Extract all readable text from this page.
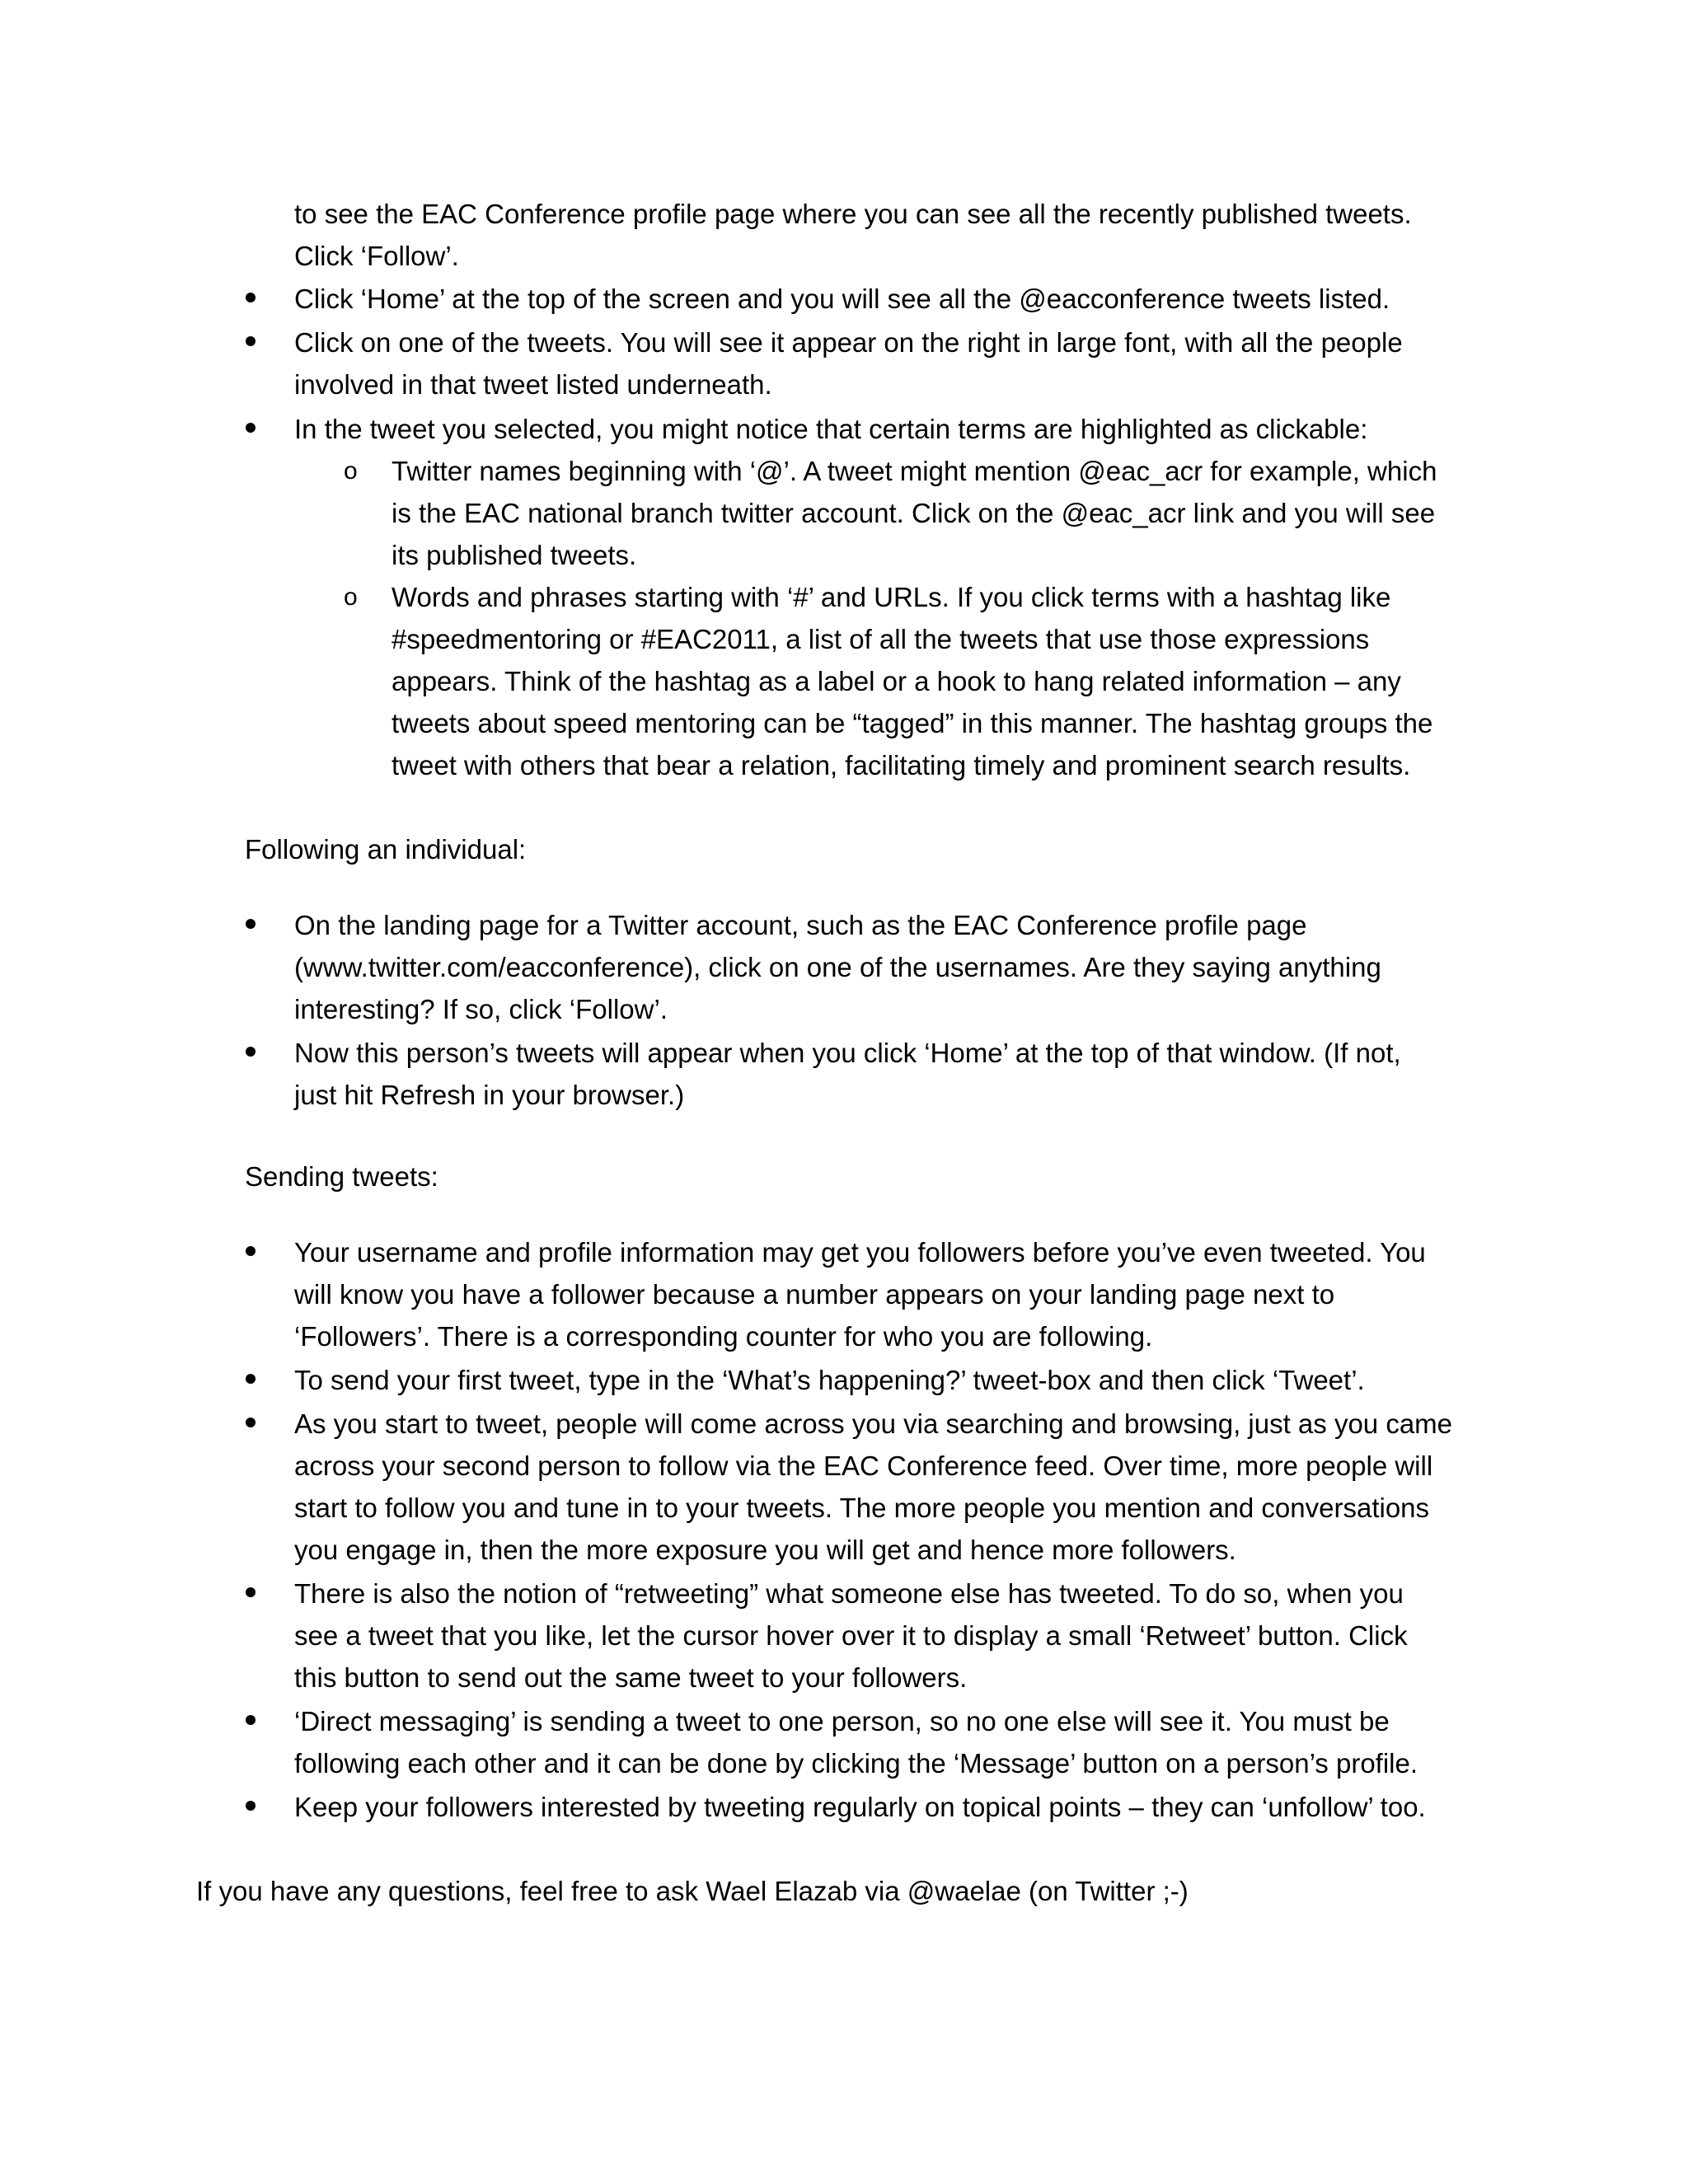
to see the EAC Conference profile page where you can see all the recently published tweets.
Click ‘Follow’.
Click ‘Home’ at the top of the screen and you will see all the @eacconference tweets listed.
Click on one of the tweets. You will see it appear on the right in large font, with all the people
involved in that tweet listed underneath.
In the tweet you selected, you might notice that certain terms are highlighted as clickable:
o Twitter names beginning with ‘@’. A tweet might mention @eac_acr for example, which
is the EAC national branch twitter account. Click on the @eac_acr link and you will see
its published tweets.
o Words and phrases starting with ‘#’ and URLs. If you click terms with a hashtag like
#speedmentoring or #EAC2011, a list of all the tweets that use those expressions
appears. Think of the hashtag as a label or a hook to hang related information – any
tweets about speed mentoring can be “tagged” in this manner. The hashtag groups the
tweet with others that bear a relation, facilitating timely and prominent search results.
Following an individual:
On the landing page for a Twitter account, such as the EAC Conference profile page
(www.twitter.com/eacconference), click on one of the usernames. Are they saying anything
interesting? If so, click ‘Follow’.
Now this person’s tweets will appear when you click ‘Home’ at the top of that window. (If not,
just hit Refresh in your browser.)
Sending tweets:
Your username and profile information may get you followers before you’ve even tweeted. You
will know you have a follower because a number appears on your landing page next to
‘Followers’. There is a corresponding counter for who you are following.
To send your first tweet, type in the ‘What’s happening?’ tweet-box and then click ‘Tweet’.
As you start to tweet, people will come across you via searching and browsing, just as you came
across your second person to follow via the EAC Conference feed. Over time, more people will
start to follow you and tune in to your tweets. The more people you mention and conversations
you engage in, then the more exposure you will get and hence more followers.
There is also the notion of “retweeting” what someone else has tweeted. To do so, when you
see a tweet that you like, let the cursor hover over it to display a small ‘Retweet’ button. Click
this button to send out the same tweet to your followers.
‘Direct messaging’ is sending a tweet to one person, so no one else will see it. You must be
following each other and it can be done by clicking the ‘Message’ button on a person’s profile.
Keep your followers interested by tweeting regularly on topical points – they can ‘unfollow’ too.
If you have any questions, feel free to ask Wael Elazab via @waelae (on Twitter ;-)
